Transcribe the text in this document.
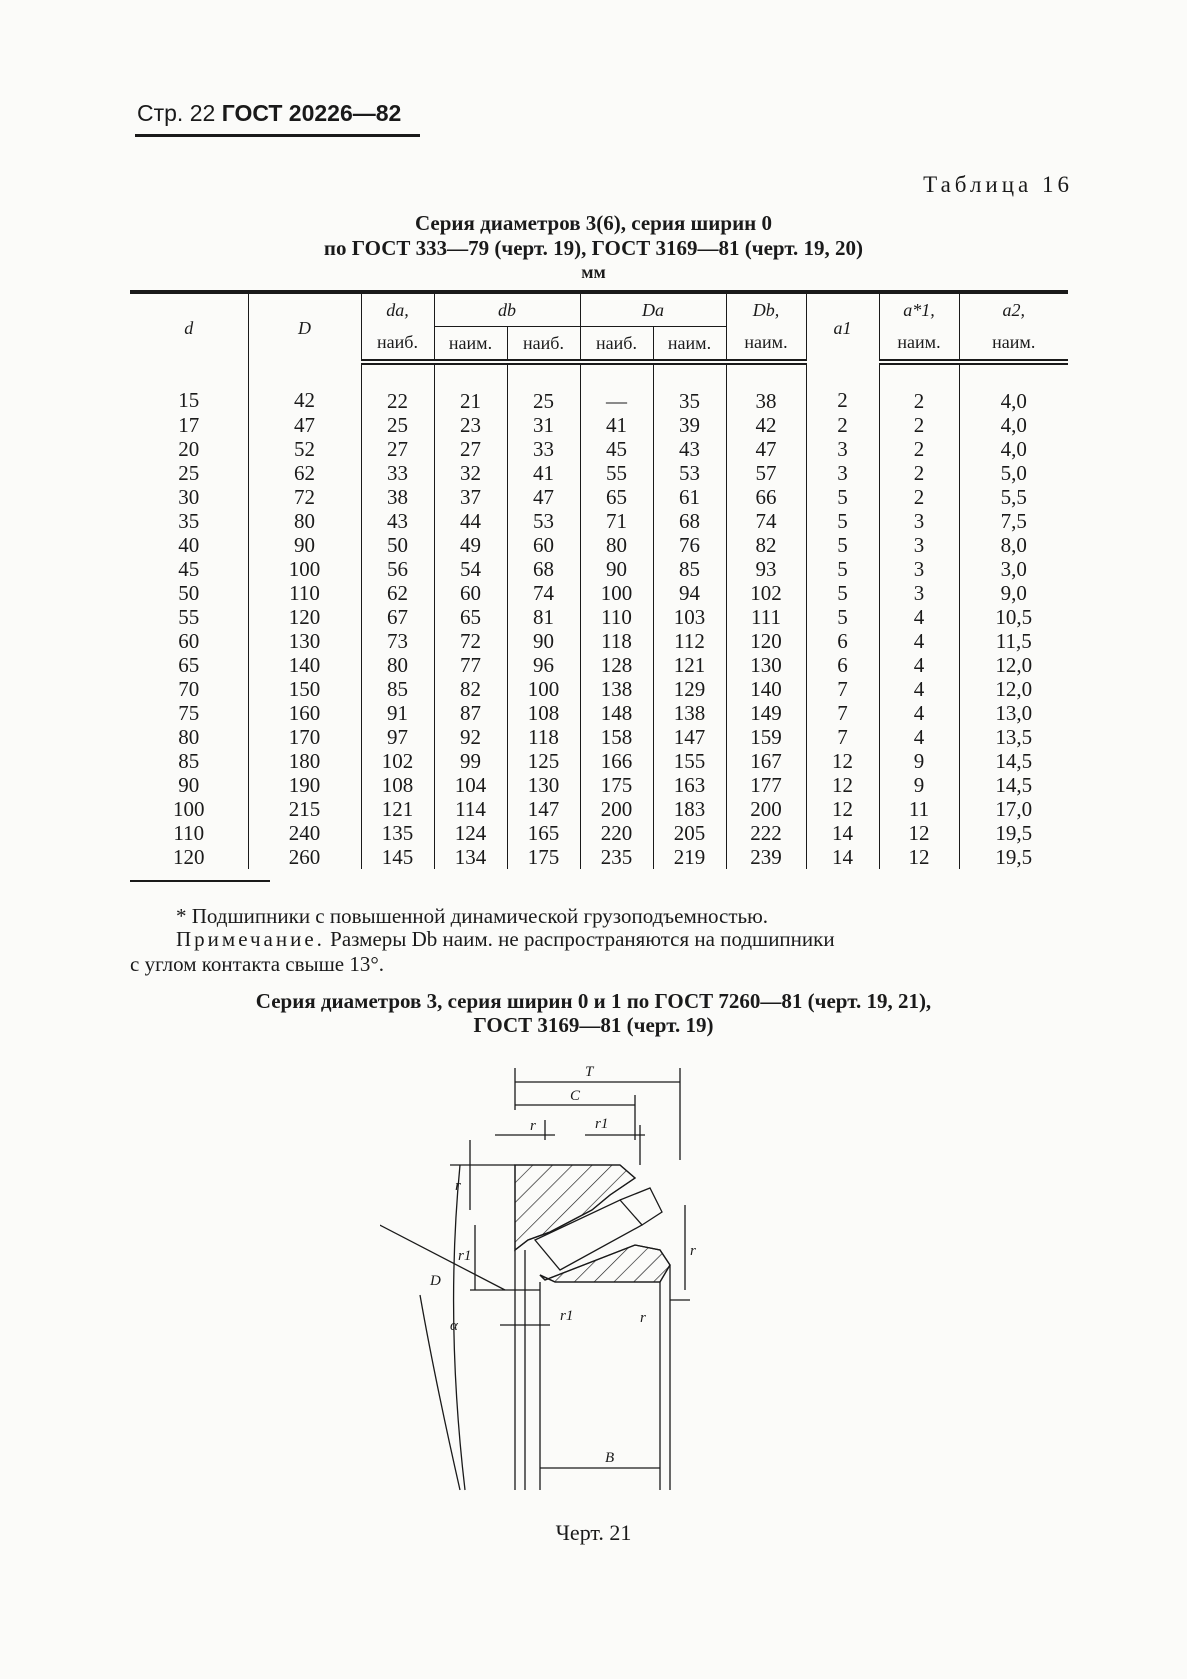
Стр. 22 ГОСТ 20226—82
Таблица 16
Серия диаметров 3(6), серия ширин 0
по ГОСТ 333—79 (черт. 19), ГОСТ 3169—81 (черт. 19, 20)
мм
d	D	da,	db		Da		Db,	a1	a*1,	a2,
		наиб.	наим.	наиб.	наиб.	наим.	наим.		наим.	наим.
15	42	22	21	25	—	35	38	2	2	4,0
17	47	25	23	31	41	39	42	2	2	4,0
20	52	27	27	33	45	43	47	3	2	4,0
25	62	33	32	41	55	53	57	3	2	5,0
30	72	38	37	47	65	61	66	5	2	5,5
35	80	43	44	53	71	68	74	5	3	7,5
40	90	50	49	60	80	76	82	5	3	8,0
45	100	56	54	68	90	85	93	5	3	3,0
50	110	62	60	74	100	94	102	5	3	9,0
55	120	67	65	81	110	103	111	5	4	10,5
60	130	73	72	90	118	112	120	6	4	11,5
65	140	80	77	96	128	121	130	6	4	12,0
70	150	85	82	100	138	129	140	7	4	12,0
75	160	91	87	108	148	138	149	7	4	13,0
80	170	97	92	118	158	147	159	7	4	13,5
85	180	102	99	125	166	155	167	12	9	14,5
90	190	108	104	130	175	163	177	12	9	14,5
100	215	121	114	147	200	183	200	12	11	17,0
110	240	135	124	165	220	205	222	14	12	19,5
120	260	145	134	175	235	219	239	14	12	19,5
* Подшипники с повышенной динамической грузоподъемностью.
Примечание. Размеры Db наим. не распространяются на подшипники
с углом контакта свыше 13°.
Серия диаметров 3, серия ширин 0 и 1 по ГОСТ 7260—81 (черт. 19, 21),
ГОСТ 3169—81 (черт. 19)
T
C
r	r1
r
r1	r
r1	r
D
α
B
Черт. 21
